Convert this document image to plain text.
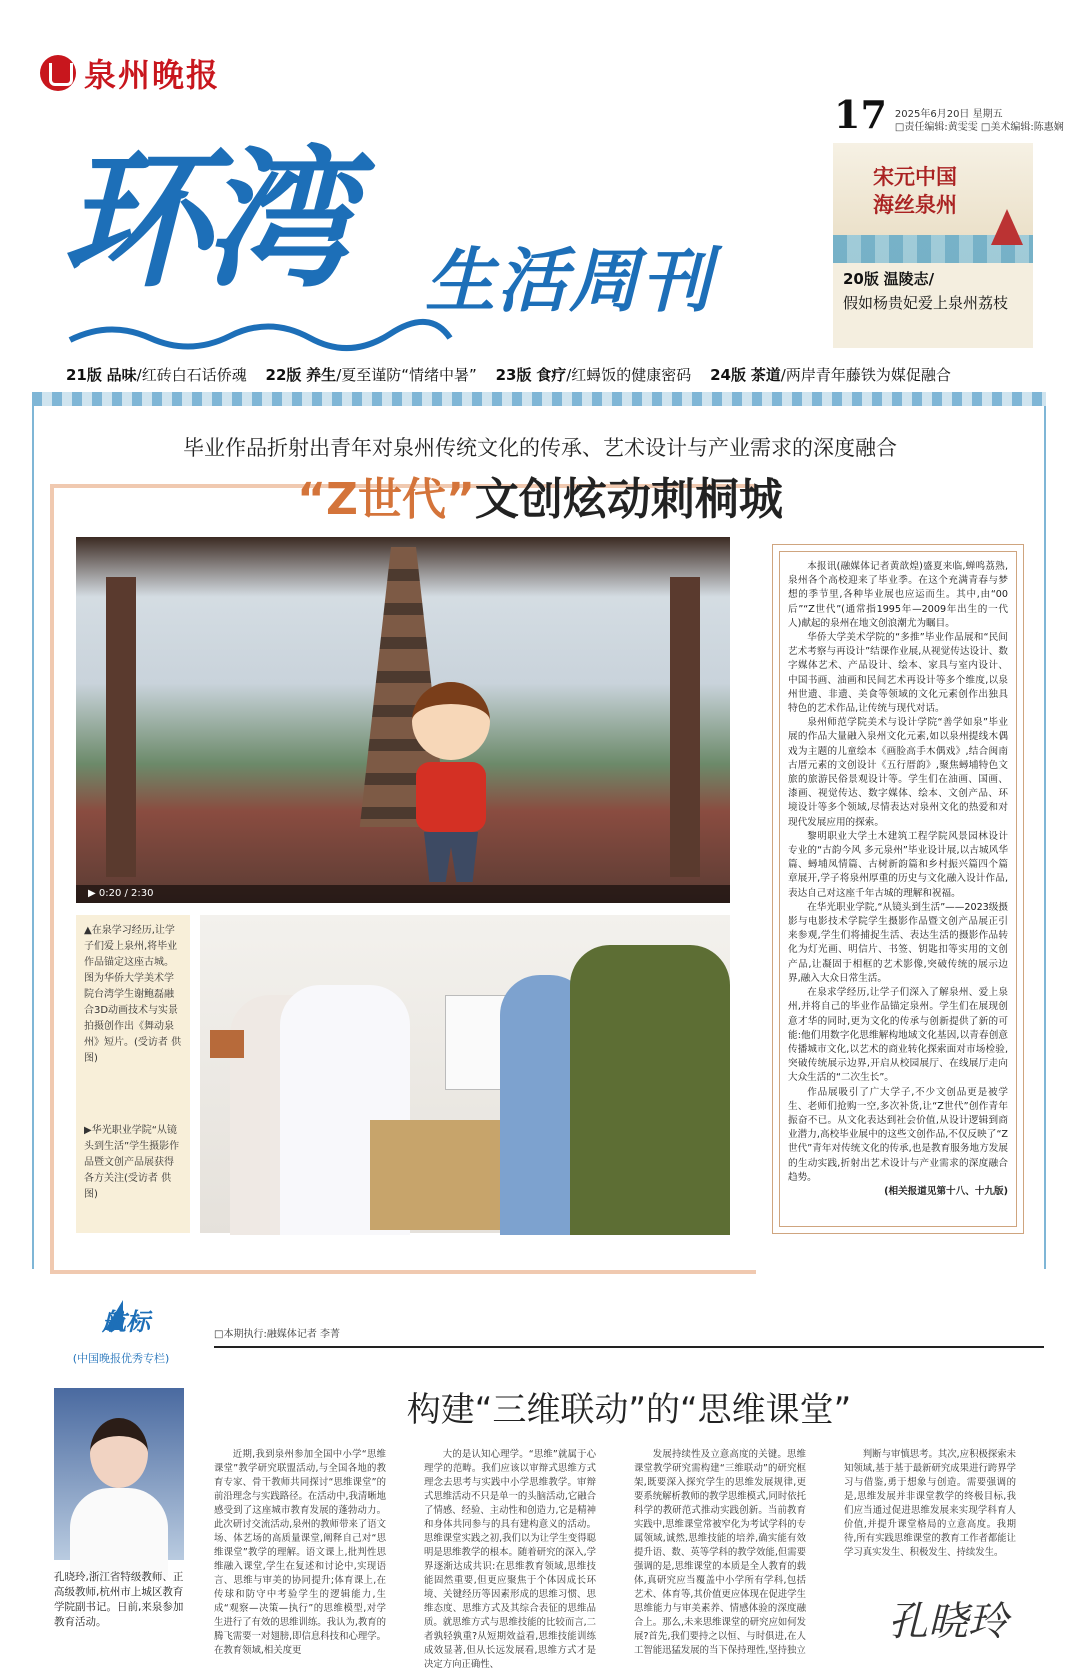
泉州晚报
环湾	生活周刊
17 2025年6月20日 星期五
□责任编辑:黄雯雯 □美术编辑:陈惠娴
宋元中国
海丝泉州
20版 温陵志/
假如杨贵妃爱上泉州荔枝
21版 品味/红砖白石话侨魂 22版 养生/夏至谨防“情绪中暑” 23版 食疗/红蟳饭的健康密码 24版 茶道/两岸青年藤铁为媒促融合
毕业作品折射出青年对泉州传统文化的传承、艺术设计与产业需求的深度融合
“Z世代”文创炫动刺桐城
▶ 0:20 / 2:30

▲在泉学习经历,让学子们爱上泉州,将毕业作品锚定这座古城。图为华侨大学美术学院台湾学生谢鲍磊融合3D动画技术与实景拍摄创作出《舞动泉州》短片。(受访者 供图)

▶华光职业学院“从镜头到生活”学生摄影作品暨文创产品展获得各方关注(受访者 供图)

本报讯(融媒体记者黄歆煌)盛夏来临,蝉鸣荔熟,泉州各个高校迎来了毕业季。在这个充满青春与梦想的季节里,各种毕业展也应运而生。其中,由“00后”“Z世代”(通常指1995年—2009年出生的一代人)献起的泉州在地文创浪潮尤为瞩目。

华侨大学美术学院的“多推”毕业作品展和“民间艺术考察与再设计”结课作业展,从视觉传达设计、数字媒体艺术、产品设计、绘本、家具与室内设计、中国书画、油画和民间艺术再设计等多个维度,以泉州世遗、非遗、美食等领域的文化元素创作出独具特色的艺术作品,让传统与现代对话。

泉州师范学院美术与设计学院“善学如泉”毕业展的作品大量融入泉州文化元素,如以泉州提线木偶戏为主题的儿童绘本《画脸高手木偶戏》,结合闽南古厝元素的文创设计《五行厝韵》,聚焦蟳埔特色文旅的旅游民俗景观设计等。学生们在油画、国画、漆画、视觉传达、数字媒体、绘本、文创产品、环境设计等多个领域,尽情表达对泉州文化的热爱和对现代发展应用的探索。

黎明职业大学土木建筑工程学院风景园林设计专业的“古韵今风 多元泉州”毕业设计展,以古城风华篇、蟳埔凤情篇、古树新韵篇和乡村振兴篇四个篇章展开,学子将泉州厚重的历史与文化融入设计作品,表达自己对这座千年古城的理解和祝福。

在华光职业学院,“从镜头到生活”——2023级摄影与电影技术学院学生摄影作品暨文创产品展正引来参观,学生们将捕捉生活、表达生活的摄影作品转化为灯光画、明信片、书签、钥匙扣等实用的文创产品,让凝固于相框的艺术影像,突破传统的展示边界,融入大众日常生活。

在泉求学经历,让学子们深入了解泉州、爱上泉州,并将自己的毕业作品锚定泉州。学生们在展现创意才华的同时,更为文化的传承与创新提供了新的可能:他们用数字化思维解构地域文化基因,以青春创意传播城市文化,以艺术的商业转化探索面对市场检验,突破传统展示边界,开启从校园展厅、在线展厅走向大众生活的“二次生长”。

作品展吸引了广大学子,不少文创品更是被学生、老师们抢购一空,多次补货,让“Z世代”创作青年振奋不已。从文化表达到社会价值,从设计逻辑到商业潜力,高校毕业展中的这些文创作品,不仅反映了“Z世代”青年对传统文化的传承,也是教育服务地方发展的生动实践,折射出艺术设计与产业需求的深度融合趋势。

(相关报道见第十八、十九版)

航标
(中国晚报优秀专栏)
□本期执行:融媒体记者 李菁
构建“三维联动”的“思维课堂”
孔晓玲,浙江省特级教师、正高级教师,杭州市上城区教育学院副书记。日前,来泉参加教育活动。

近期,我到泉州参加全国中小学“思维课堂”教学研究联盟活动,与全国各地的教育专家、骨干教师共同探讨“思维课堂”的前沿理念与实践路径。在活动中,我清晰地感受到了这座城市教育发展的蓬勃动力。此次研讨交流活动,泉州的教师带来了语文场、体艺场的高质量课堂,阐释自己对“思维课堂”教学的理解。语文课上,批判性思维融入课堂,学生在复述和讨论中,实现语言、思维与审美的协同提升;体育课上,在传球和防守中考验学生的逻辑能力,生成“观察—决策—执行”的思维模型,对学生进行了有效的思维训练。我认为,教育的腾飞需要一对翅膀,即信息科技和心理学。在教育领域,相关度更

大的是认知心理学。“思维”就属于心理学的范畴。我们应该以审辩式思维方式理念去思考与实践中小学思维教学。审辩式思维活动不只是单一的头脑活动,它融合了情感、经验、主动性和创造力,它是精神和身体共同参与的具有建构意义的活动。思维课堂实践之初,我们以为让学生变得聪明是思维教学的根本。随着研究的深入,学界逐渐达成共识:在思维教育领域,思维技能固然重要,但更应聚焦于个体因成长环境、关键经历等因素形成的思维习惯、思维态度、思维方式及其综合表征的思维品质。就思维方式与思维技能的比较而言,二者孰轻孰重?从短期效益看,思维技能训练成效显著,但从长远发展看,思维方式才是决定方向正确性、

发展持续性及立意高度的关键。思维课堂教学研究需构建“三维联动”的研究框架,既要深入探究学生的思维发展规律,更要系统解析教师的教学思维模式,同时依托科学的教研范式推动实践创新。当前教育实践中,思维课堂常被窄化为考试学科的专属领域,诚然,思维技能的培养,确实能有效提升语、数、英等学科的教学效能,但需要强调的是,思维课堂的本质是全人教育的载体,真研究应当覆盖中小学所有学科,包括艺术、体育等,其价值更应体现在促进学生思维能力与审美素养、情感体验的深度融合上。那么,未来思维课堂的研究应如何发展?首先,我们要持之以恒、与时俱进,在人工智能迅猛发展的当下保持理性,坚持独立

判断与审慎思考。其次,应积极探索未知领域,基于基于最新研究成果进行跨界学习与借鉴,勇于想象与创造。需要强调的是,思维发展并非课堂教学的终极目标,我们应当通过促进思维发展来实现学科育人价值,并提升课堂格局的立意高度。我期待,所有实践思维课堂的教育工作者都能让学习真实发生、积极发生、持续发生。

孔晓玲
